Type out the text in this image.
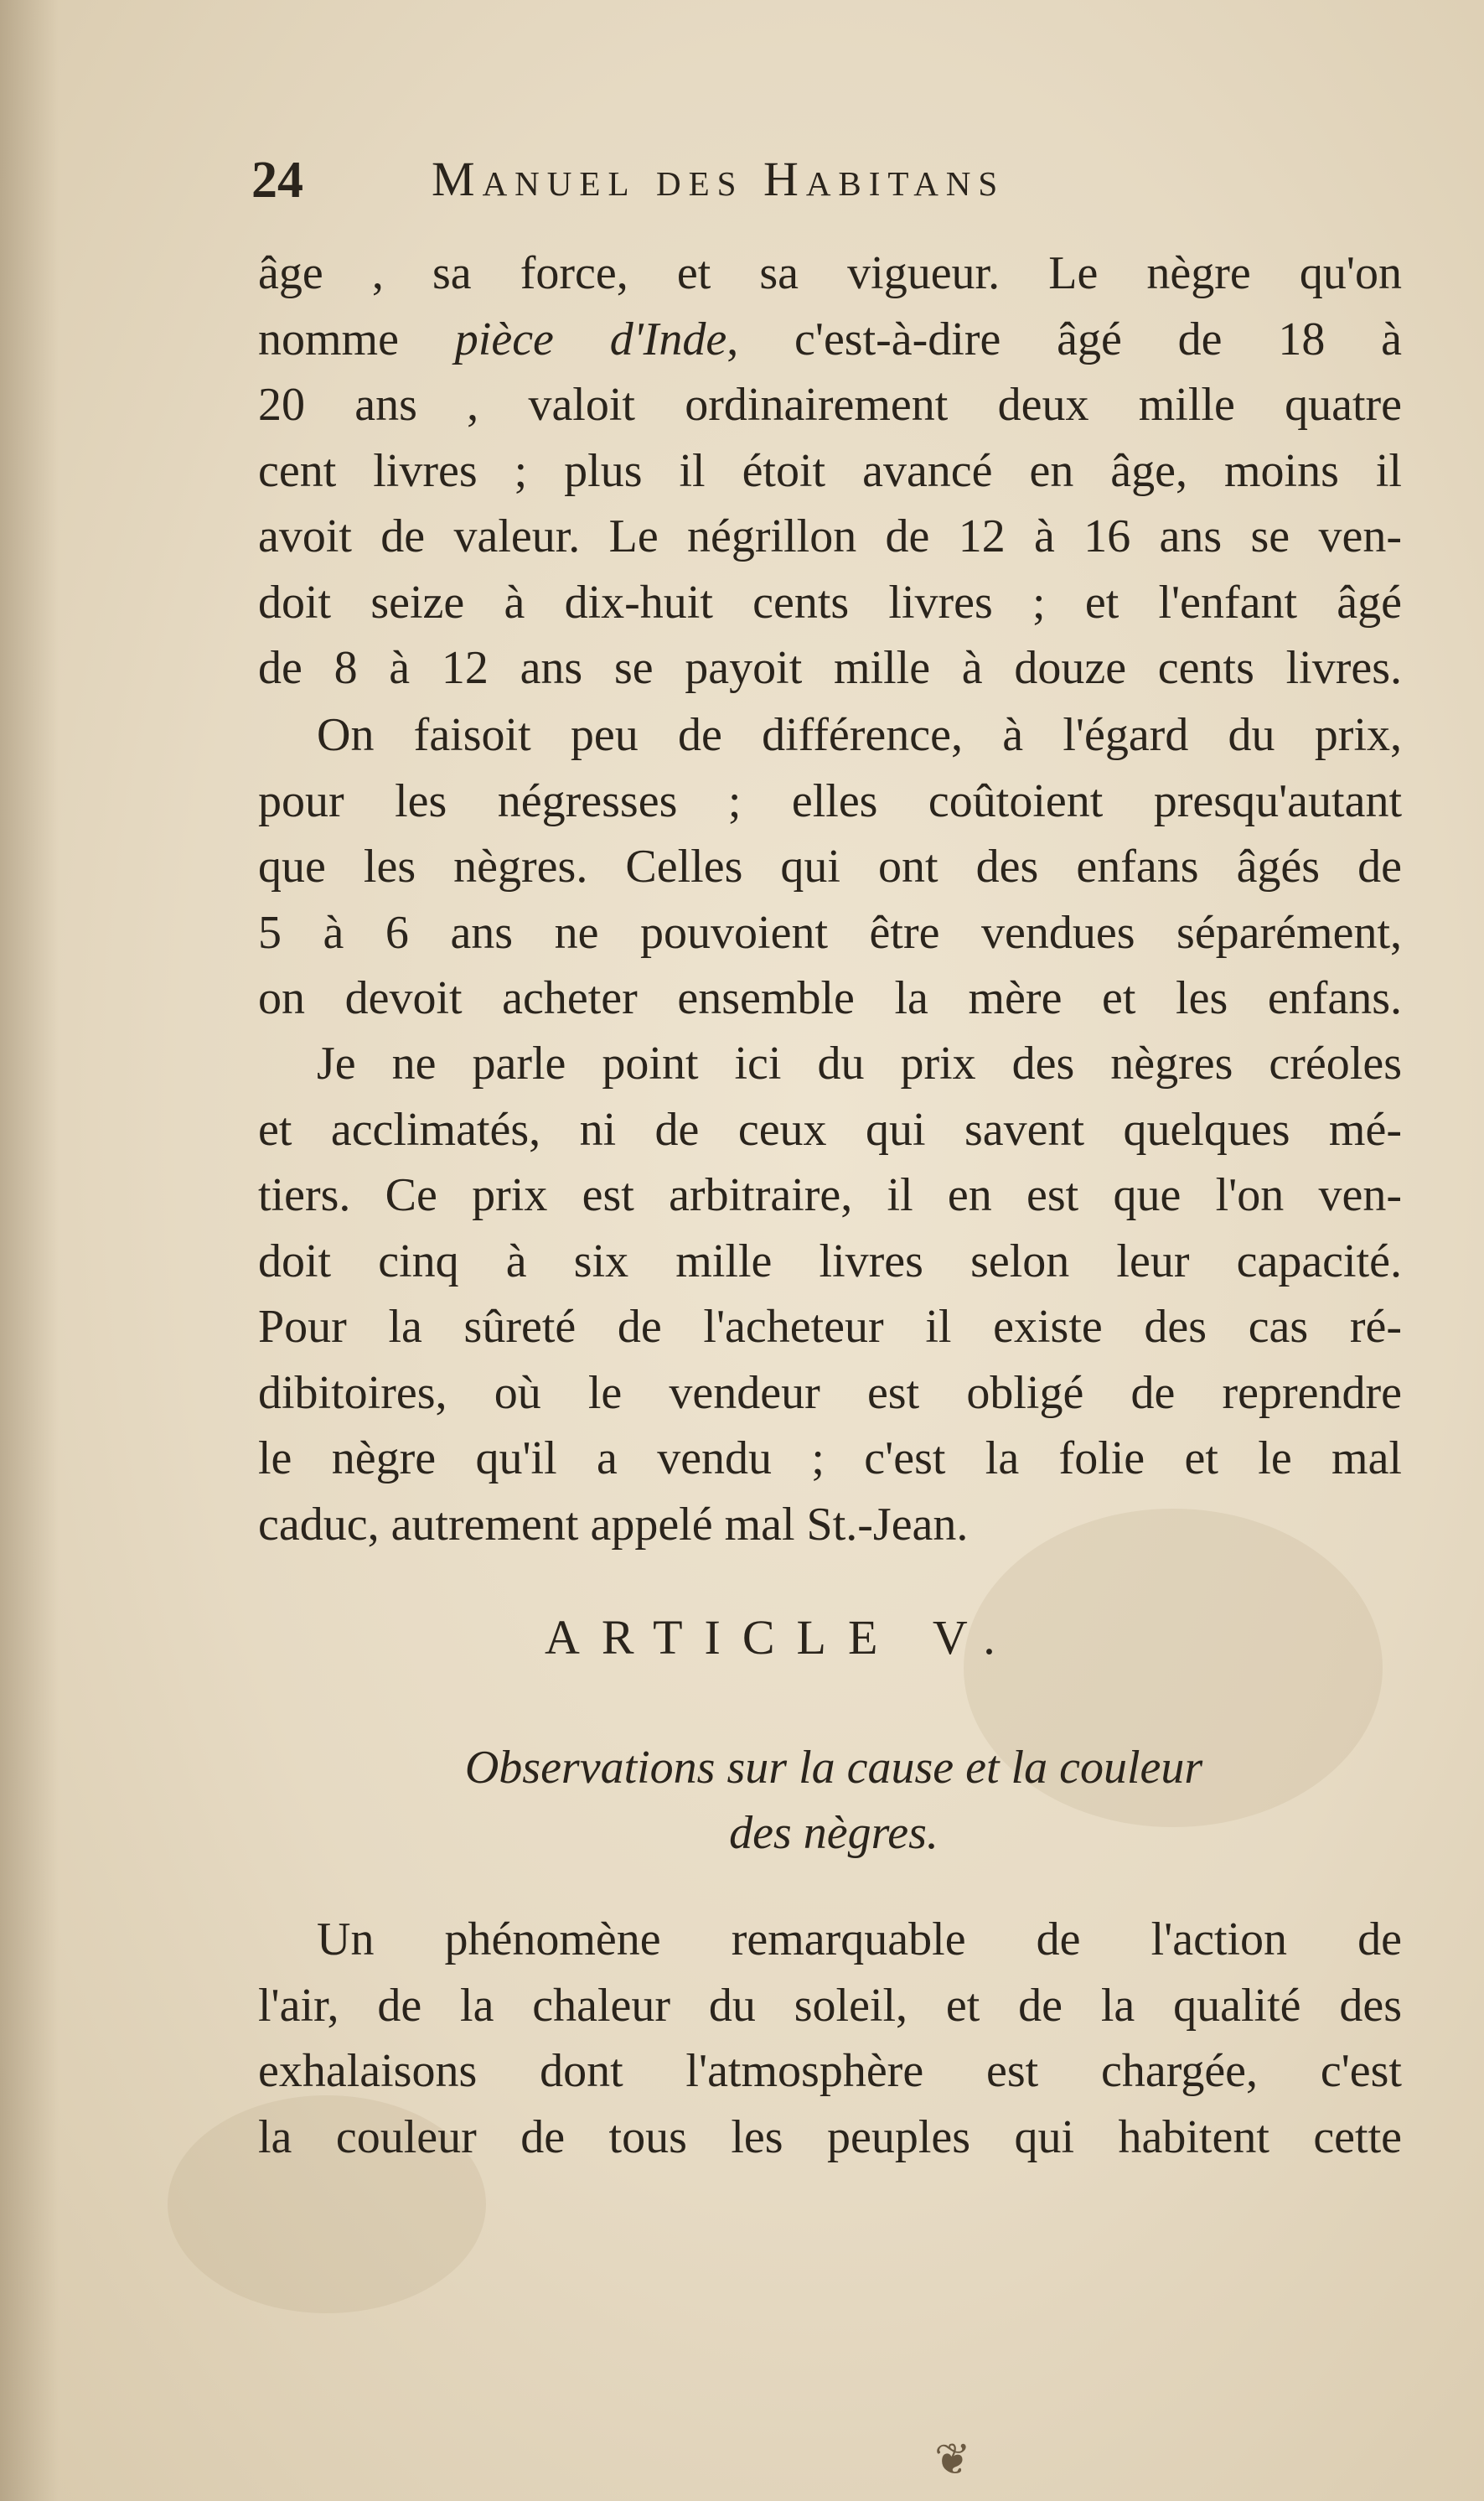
24	Manuel des Habitans
âge , sa force, et sa vigueur. Le nègre qu'on
nomme pièce d'Inde, c'est-à-dire âgé de 18 à
20 ans , valoit ordinairement deux mille quatre
cent livres ; plus il étoit avancé en âge, moins il
avoit de valeur. Le négrillon de 12 à 16 ans se ven-
doit seize à dix-huit cents livres ; et l'enfant âgé
de 8 à 12 ans se payoit mille à douze cents livres.
On faisoit peu de différence, à l'égard du prix,
pour les négresses ; elles coûtoient presqu'autant
que les nègres. Celles qui ont des enfans âgés de
5 à 6 ans ne pouvoient être vendues séparément,
on devoit acheter ensemble la mère et les enfans.
Je ne parle point ici du prix des nègres créoles
et acclimatés, ni de ceux qui savent quelques mé-
tiers. Ce prix est arbitraire, il en est que l'on ven-
doit cinq à six mille livres selon leur capacité.
Pour la sûreté de l'acheteur il existe des cas ré-
dibitoires, où le vendeur est obligé de reprendre
le nègre qu'il a vendu ; c'est la folie et le mal
caduc, autrement appelé mal St.-Jean.
ARTICLE V.
Observations sur la cause et la couleur
des nègres.
Un phénomène remarquable de l'action de
l'air, de la chaleur du soleil, et de la qualité des
exhalaisons dont l'atmosphère est chargée, c'est
la couleur de tous les peuples qui habitent cette
❦
